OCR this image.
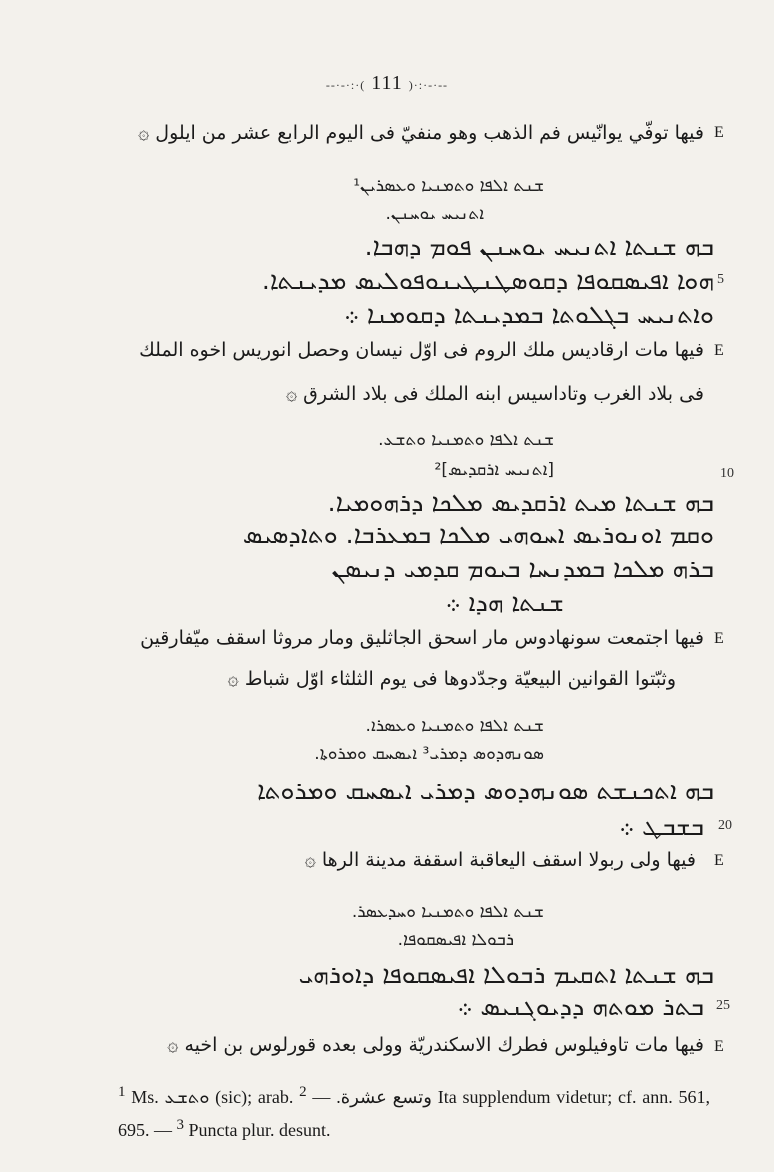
--·-·:·( 111 )·:·-·--
E
فيها توفّي يوانّيس فم الذهب وهو منفيّ فى اليوم الرابع عشر من ايلول ۞
ܫܢܬ ܐܠܦܐ ܘܬܡܢܝܐ ܘܥܣܪܝܢ¹
ܐܬܢܝܚ ܝܘܚܢܢ.
ܒܗ ܫܢܬܐ ܐܬܢܝܚ ܝܘܚܢܢ ܦܘܡ ܕܗܒܐ.
5
ܗܘܐ ܐܦܝܣܩܘܦܐ ܕܩܘܣܛܢܛܝܢܘܦܘܠܝܣ ܡܕܝܢܬܐ.
ܘܐܬܢܝܚ ܒܓܠܘܬܐ ܒܡܕܝܢܬܐ ܕܩܘܡܢܐ ܀
E
فيها مات ارقاديس ملك الروم فى اوّل نيسان وحصل انوريس اخوه الملك
فى بلاد الغرب وتاداسيس ابنه الملك فى بلاد الشرق ۞
ܫܢܬ ܐܠܦܐ ܘܬܡܢܝܐ ܘܬܫܥ.
[ܐܬܢܝܚ ܐܪܩܕܝܣ]²	10
ܒܗ ܫܢܬܐ ܡܝܬ ܐܪܩܕܝܣ ܡܠܟܐ ܕܪܗܘܡܝܐ.
ܘܩܡ ܐܘܢܘܪܝܣ ܐܚܘܗܝ ܡܠܟܐ ܒܡܥܪܒܐ. ܘܬܐܕܣܝܣ
ܒܪܗ ܡܠܟܐ ܒܡܕܢܚܐ ܒܝܘܡ ܩܕܡܝ ܕܢܝܣܢ
ܫܢܬܐ ܗܕܐ ܀
E
فيها اجتمعت سونهادوس مار اسحق الجاثليق ومار مروثا اسقف ميّفارقين
وثبّتوا القوانين البيعيّة وجدّدوها فى يوم الثلثاء اوّل شباط ۞
ܫܢܬ ܐܠܦܐ ܘܬܡܢܝܐ ܘܥܣܪܐ.
ܣܘܢܗܕܘܣ ܕܡܪܝ³ ܐܝܣܚܩ ܘܡܪܘܬܐ.
ܒܗ ܐܬܟܢܫܬ ܣܘܢܗܕܘܣ ܕܡܪܝ ܐܝܣܚܩ ܘܡܪܘܬܐ
ܒܫܒܛ ܀ 20
E
فيها ولى ربولا اسقف اليعاقبة اسقفة مدينة الرها ۞
ܫܢܬ ܐܠܦܐ ܘܬܡܢܝܐ ܘܚܕܥܣܪ.
ܪܒܘܠܐ ܐܦܝܣܩܘܦܐ.
ܒܗ ܫܢܬܐ ܐܬܩܝܡ ܪܒܘܠܐ ܐܦܝܣܩܘܦܐ ܕܐܘܪܗܝ
ܒܬܪ ܡܘܬܗ ܕܕܝܘܓܢܝܣ ܀ 25
E
فيها مات تاوفيلوس فطرك الاسكندريّة وولى بعده قورلوس بن اخيه ۞
$^1$ Ms. ܘܬܫܥ (sic); arab. وتسع عشرة. — $^2$	Ita supplendum videtur; cf. ann. 561, 695. — $^3$ Puncta plur. desunt.
